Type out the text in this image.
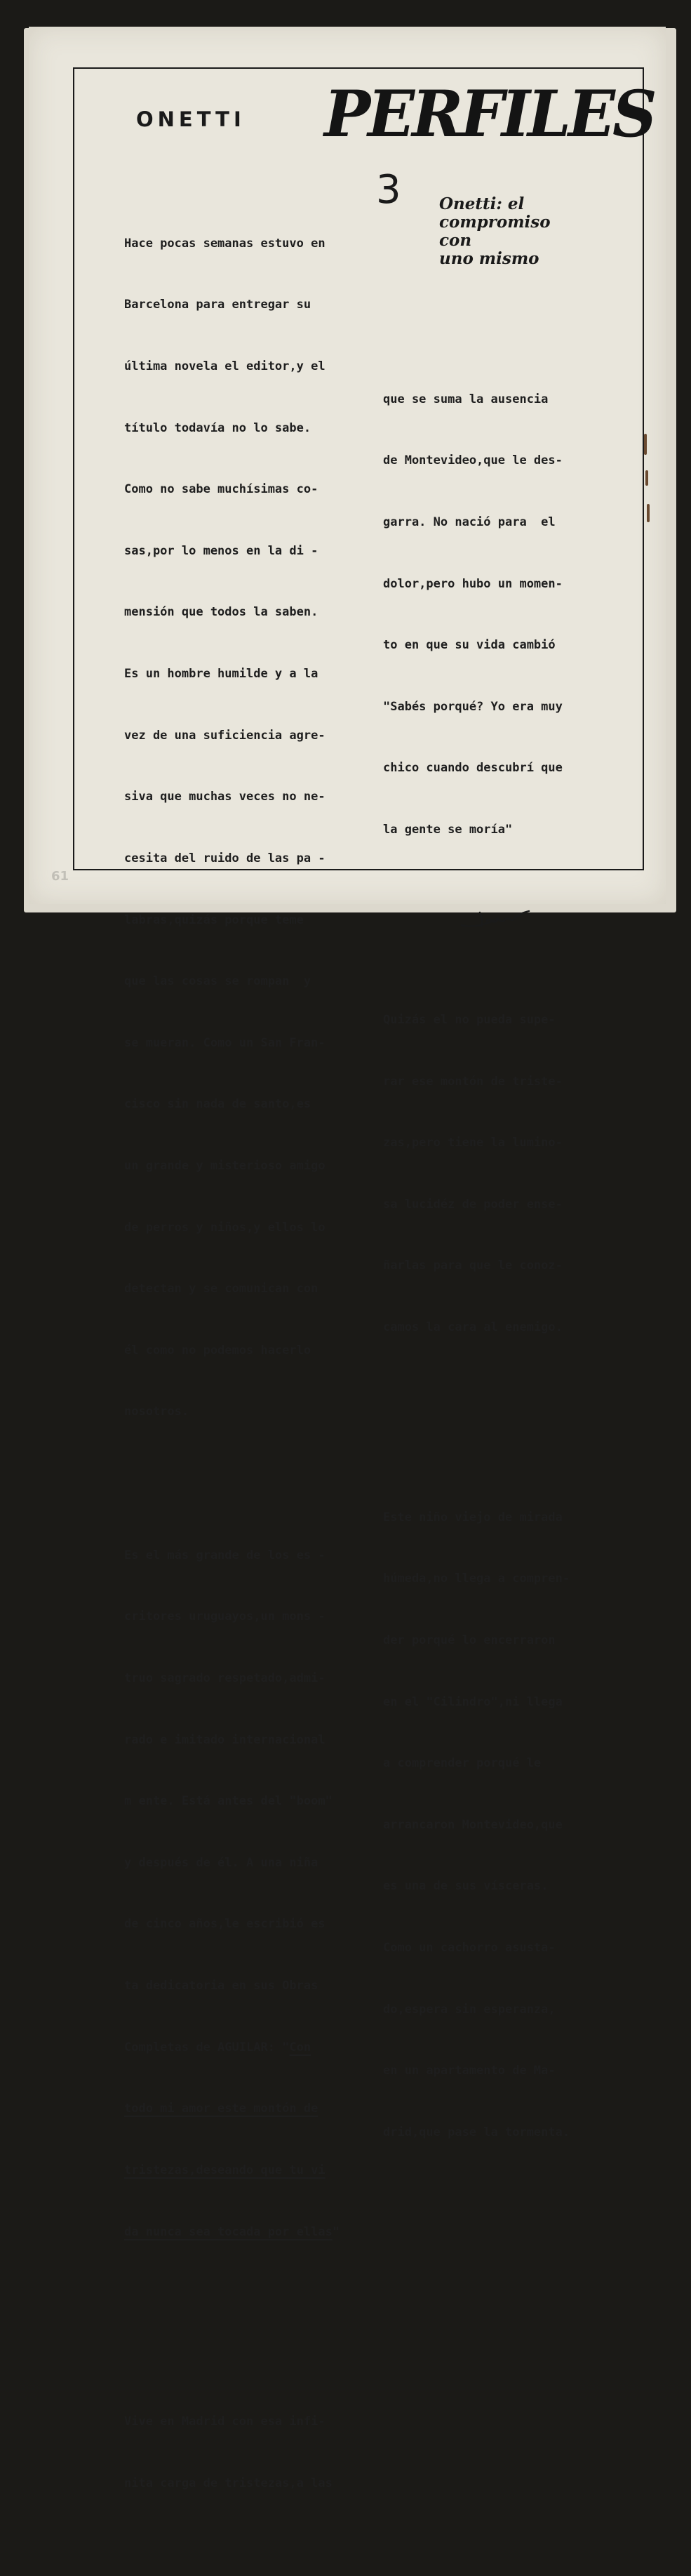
61
ONETTI PERFILES
3 Onetti: el
compromiso
con
uno mismo

Hace pocas semanas estuvo en

Barcelona para entregar su

última novela el editor,y el

título todavía no lo sabe.

Como no sabe muchísimas co-

sas,por lo menos en la di -

mensión que todos la saben.

Es un hombre humilde y a la

vez de una suficiencia agre-

siva que muchas veces no ne-

cesita del ruido de las pa -

labras,quizás porque teme

que las cosas se rompan  y

se mueran. Como un San Fran-

cisco sin nada de santo,es

un grande y misterioso amigo

de perros y niños,y ellos lo

detectan y se comunican con

él como no podemos hacerlo

nosotros.

Es el más grande de los es -

critores uruguayos,un mons -

truo sagrado respetado,admi-

rado e imitado internacional

m ente. Está antes del "boom"

y después de él. A una niña

de cinco años,le escribió es

ta dedicatoria en sus Obras

Completas de AGUILAR: "Con

todo mi amor este montón de

tristezas,deseando que tu vi

da nunca sea tocada por ellas"

Vive en Madrid con esa infi-

nita carga de tristezas,a las

que se suma la ausencia

de Montevideo,que le des-

garra. No nació para  el

dolor,pero hubo un momen-

to en que su vida cambió

"Sabés porqué? Yo era muy

chico cuando descubrí que

la gente se moría"

Quizás el no pueda supe-

rar ese montón de triste-

zas,pero tiene la lumino-

sa lucidéz de poder ense-

ñarlas para que le conoz-

camos la cara al enemigo.

Este niño viejo de mirada

húmeda,no llega a compren-

der porqué lo encerraron

en el "Cilindro",ni llega

a comprender porqué le

arrancaron Montevideo,que

es una de sus vísceras.

Como un cachorro asusta-

do,espera sin esperanza,

en un apartamento de Ma-

drid,que pase la tormenta.
